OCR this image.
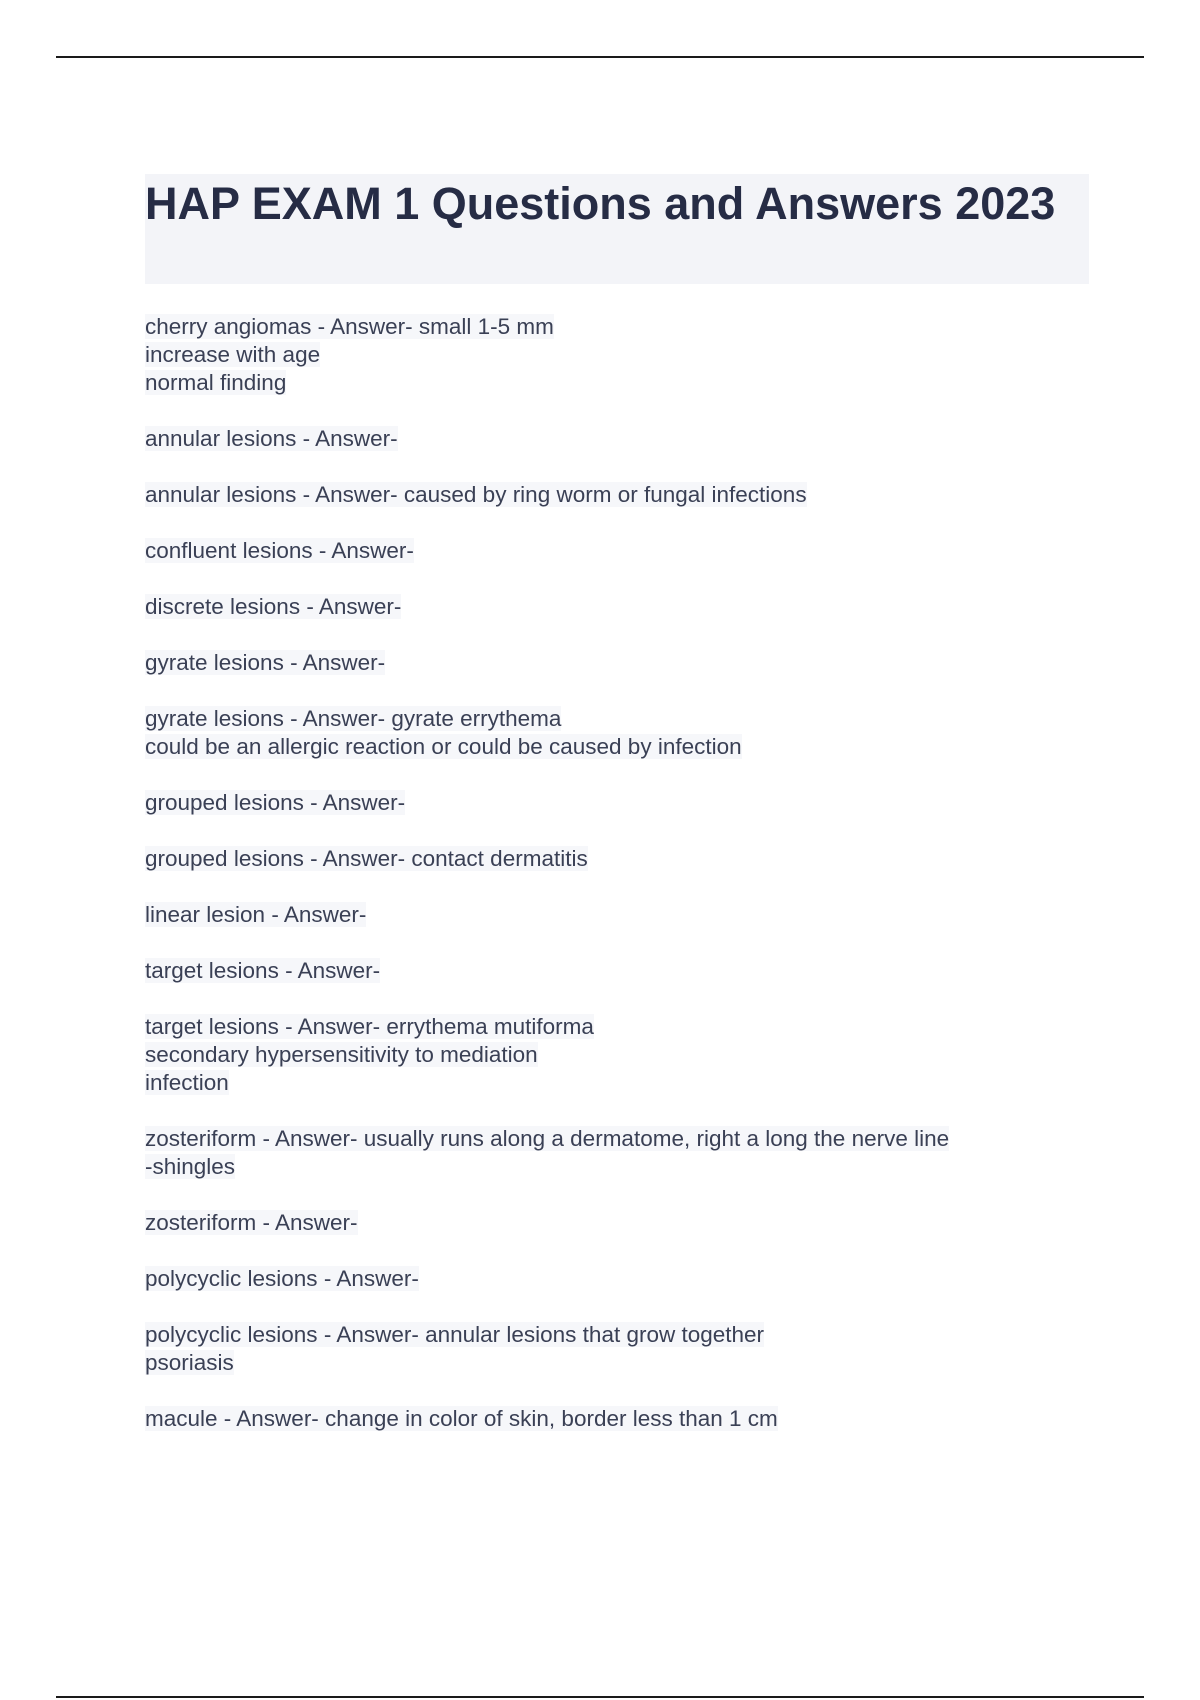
HAP EXAM 1 Questions and Answers 2023
cherry angiomas - Answer- small 1-5 mm
increase with age
normal finding
annular lesions - Answer-
annular lesions - Answer- caused by ring worm or fungal infections
confluent lesions - Answer-
discrete lesions - Answer-
gyrate lesions - Answer-
gyrate lesions - Answer- gyrate errythema
could be an allergic reaction or could be caused by infection
grouped lesions - Answer-
grouped lesions - Answer- contact dermatitis
linear lesion - Answer-
target lesions - Answer-
target lesions - Answer- errythema mutiforma
secondary hypersensitivity to mediation
infection
zosteriform - Answer- usually runs along a dermatome, right a long the nerve line
-shingles
zosteriform - Answer-
polycyclic lesions - Answer-
polycyclic lesions - Answer- annular lesions that grow together
psoriasis
macule - Answer- change in color of skin, border less than 1 cm
